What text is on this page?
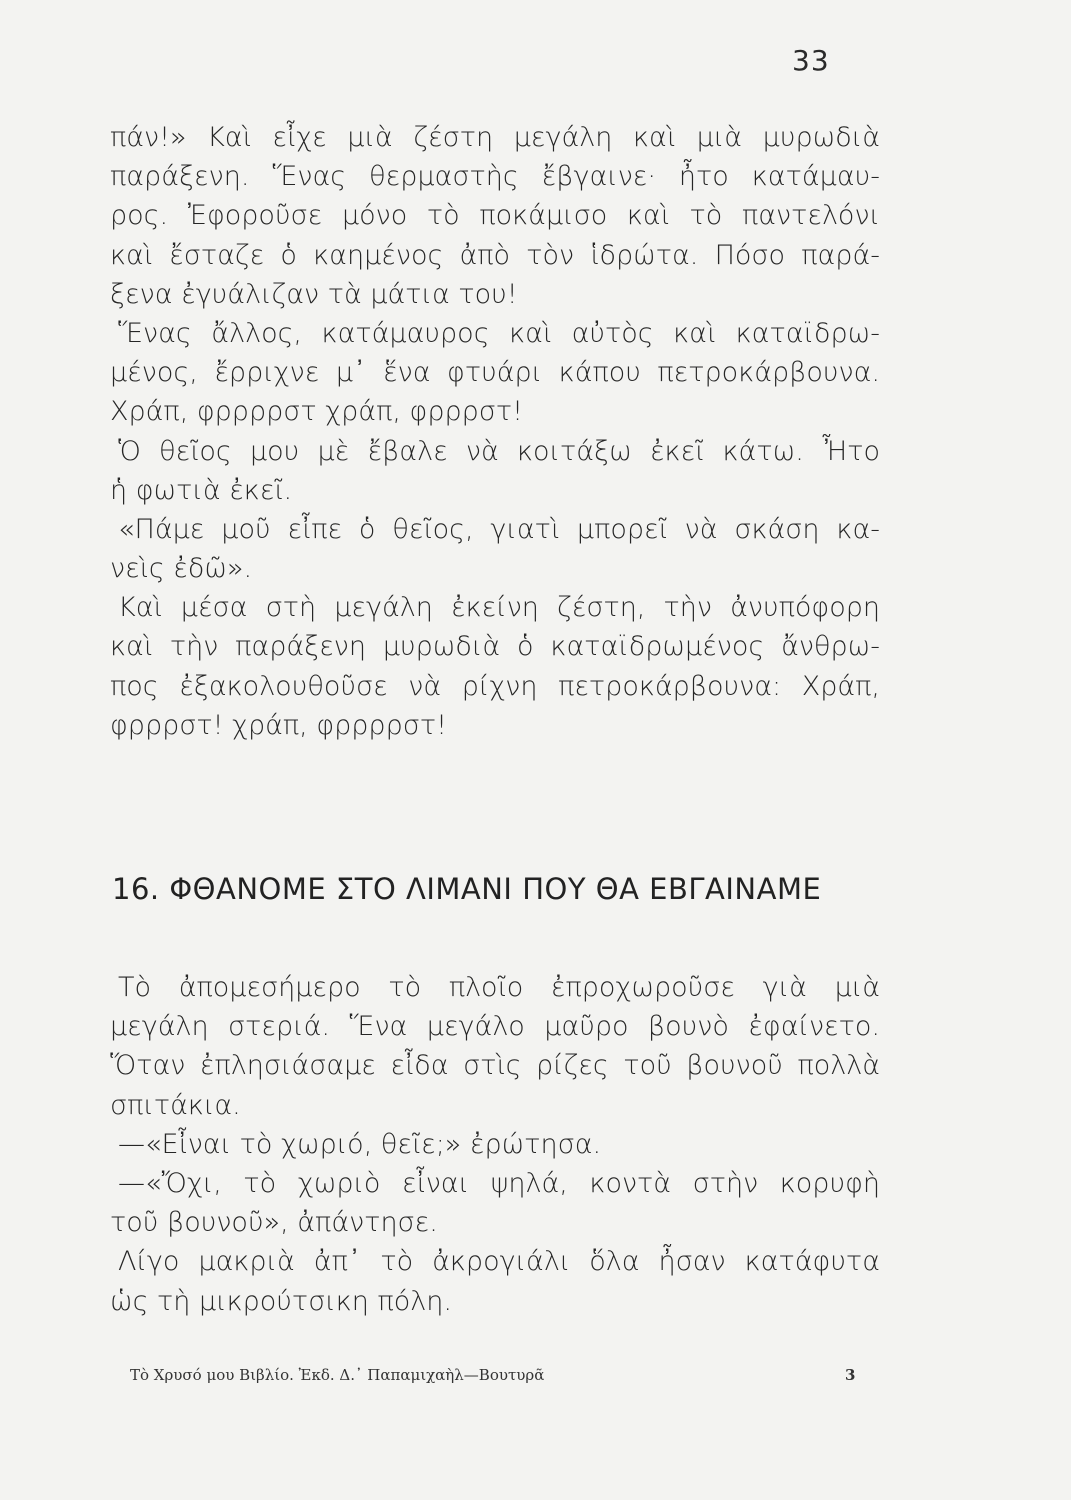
33
πάν!» Καὶ εἶχε μιὰ ζέστη μεγάλη καὶ μιὰ μυρωδιὰ
παράξενη. Ἕνας θερμαστὴς ἔβγαινε· ἦτο κατάμαυ-
ρος. Ἐφοροῦσε μόνο τὸ ποκάμισο καὶ τὸ παντελόνι
καὶ ἔσταζε ὁ καημένος ἀπὸ τὸν ἱδρώτα. Πόσο παρά-
ξενα ἐγυάλιζαν τὰ μάτια του!
Ἕνας ἄλλος, κατάμαυρος καὶ αὐτὸς καὶ καταϊδρω-
μένος, ἔρριχνε μ᾽ ἕνα φτυάρι κάπου πετροκάρβουνα.
Χράπ, φρρρρστ χράπ, φρρρστ!
Ὁ θεῖος μου μὲ ἔβαλε νὰ κοιτάξω ἐκεῖ κάτω. Ἦτο
ἡ φωτιὰ ἐκεῖ.
«Πάμε μοῦ εἶπε ὁ θεῖος, γιατὶ μπορεῖ νὰ σκάση κα-
νεὶς ἐδῶ».
Καὶ μέσα στὴ μεγάλη ἐκείνη ζέστη, τὴν ἀνυπόφορη
καὶ τὴν παράξενη μυρωδιὰ ὁ καταϊδρωμένος ἄνθρω-
πος ἐξακολουθοῦσε νὰ ρίχνη πετροκάρβουνα: Χράπ,
φρρρστ! χράπ, φρρρρστ!
16. ΦΘΑΝΟΜΕ ΣΤΟ ΛΙΜΑΝΙ ΠΟΥ ΘΑ ΕΒΓΑΙΝΑΜΕ
Τὸ ἀπομεσήμερο τὸ πλοῖο ἐπροχωροῦσε γιὰ μιὰ
μεγάλη στεριά. Ἕνα μεγάλο μαῦρο βουνὸ ἐφαίνετο.
Ὅταν ἐπλησιάσαμε εἶδα στὶς ρίζες τοῦ βουνοῦ πολλὰ
σπιτάκια.
—«Εἶναι τὸ χωριό, θεῖε;» ἐρώτησα.
—«Ὄχι, τὸ χωριὸ εἶναι ψηλά, κοντὰ στὴν κορυφὴ
τοῦ βουνοῦ», ἀπάντησε.
Λίγο μακριὰ ἀπ᾽ τὸ ἀκρογιάλι ὅλα ἦσαν κατάφυτα
ὡς τὴ μικρούτσικη πόλη.
Τὸ Χρυσό μου Βιβλίο. Ἐκδ. Δ.᾽ Παπαμιχαὴλ—Βουτυρᾶ	3
